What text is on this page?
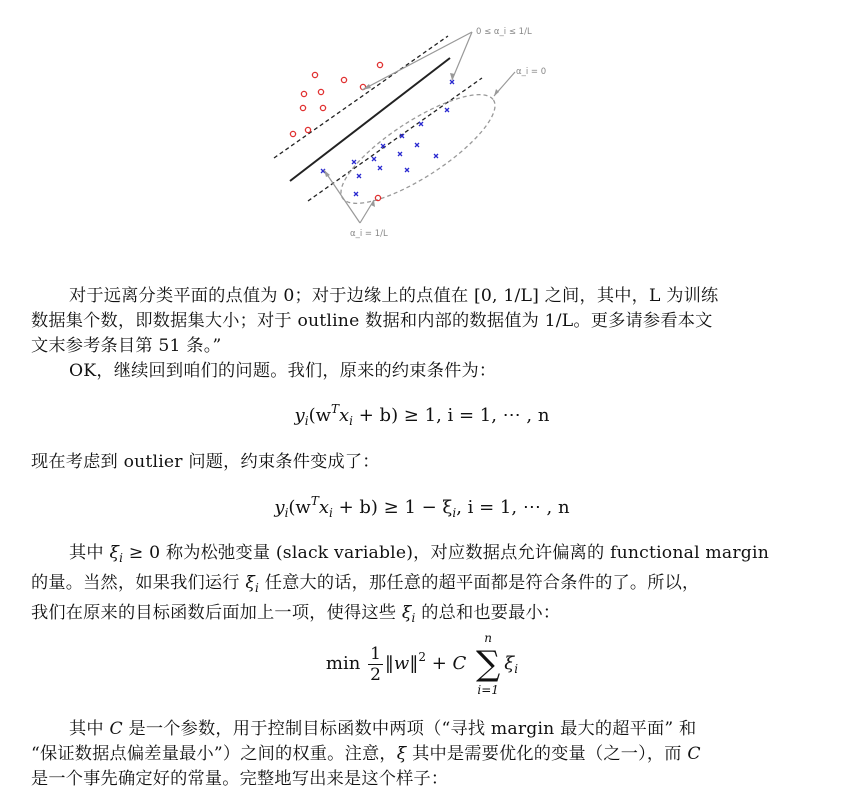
0 ≤ α_i ≤ 1/L
α_i = 0
α_i = 1/L
对于远离分类平面的点值为 0；对于边缘上的点值在 [0, 1/L] 之间，其中，L 为训练
数据集个数，即数据集大小；对于 outline 数据和内部的数据值为 1/L。更多请参看本文
文末参考条目第 51 条。”
OK，继续回到咱们的问题。我们，原来的约束条件为：
$y_i(w^Tx_i + b) \ge 1$, i = 1, ⋯ , n
现在考虑到 outlier 问题，约束条件变成了：
$y_i(w^Tx_i + b) \ge 1 - \xi_i$, i = 1, ⋯ , n
其中 $\xi_i \ge 0$ 称为松弛变量 (slack variable)，对应数据点允许偏离的 functional margin
的量。当然，如果我们运行 $\xi_i$ 任意大的话，那任意的超平面都是符合条件的了。所以，
我们在原来的目标函数后面加上一项，使得这些 $\xi_i$ 的总和也要最小：
$\min \frac{1}{2}$ ‖w‖$^2$ + C
n
∑
i=1
$\xi_i$
其中 C 是一个参数，用于控制目标函数中两项（“寻找 margin 最大的超平面” 和
“保证数据点偏差量最小”）之间的权重。注意，ξ 其中是需要优化的变量（之一），而 C
是一个事先确定好的常量。完整地写出来是这个样子：
